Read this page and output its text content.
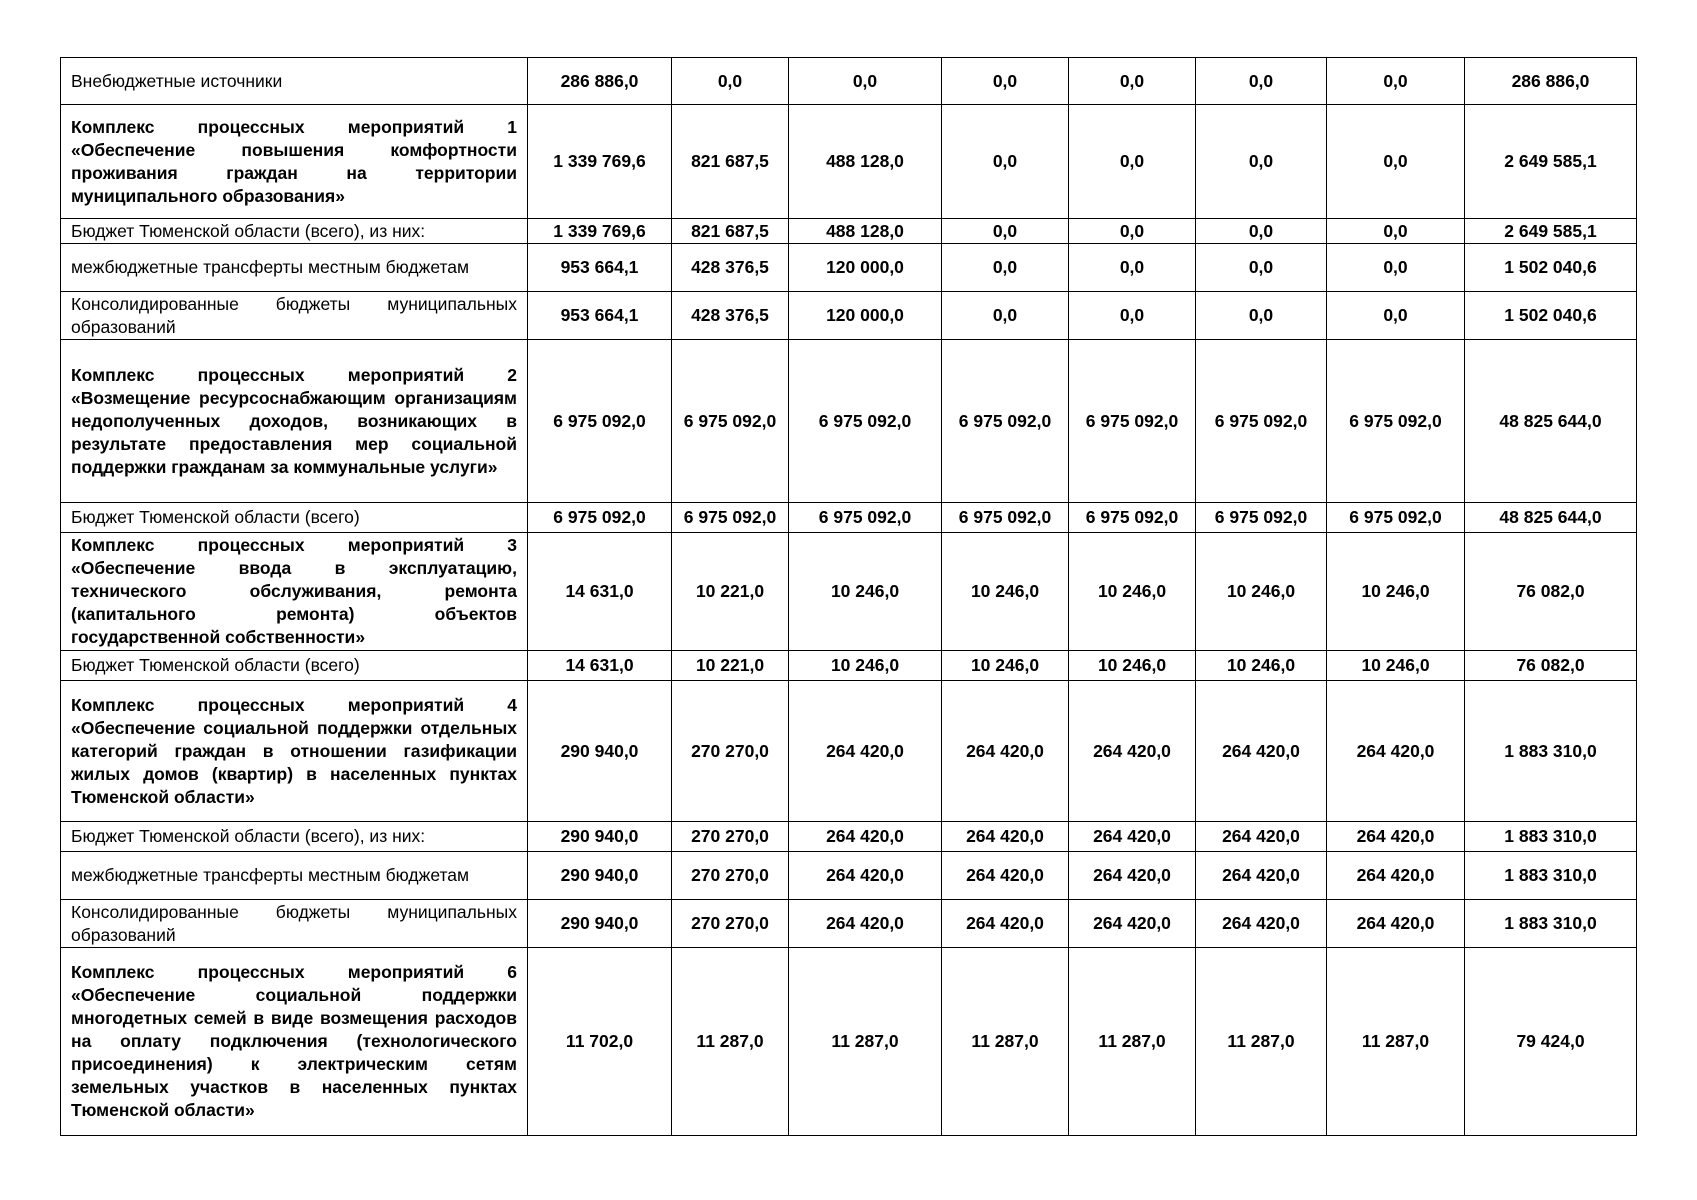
Внебюджетные источники	286 886,0	0,0	0,0	0,0	0,0	0,0	0,0	286 886,0
Комплекс процессных мероприятий 1 «Обеспечение повышения комфортности проживания граждан на территории муниципального образования»	1 339 769,6	821 687,5	488 128,0	0,0	0,0	0,0	0,0	2 649 585,1
Бюджет Тюменской области (всего), из них:	1 339 769,6	821 687,5	488 128,0	0,0	0,0	0,0	0,0	2 649 585,1
межбюджетные трансферты местным бюджетам	953 664,1	428 376,5	120 000,0	0,0	0,0	0,0	0,0	1 502 040,6
Консолидированные бюджеты муниципальных образований	953 664,1	428 376,5	120 000,0	0,0	0,0	0,0	0,0	1 502 040,6
Комплекс процессных мероприятий 2 «Возмещение ресурсоснабжающим организациям недополученных доходов, возникающих в результате предоставления мер социальной поддержки гражданам за коммунальные услуги»	6 975 092,0	6 975 092,0	6 975 092,0	6 975 092,0	6 975 092,0	6 975 092,0	6 975 092,0	48 825 644,0
Бюджет Тюменской области (всего)	6 975 092,0	6 975 092,0	6 975 092,0	6 975 092,0	6 975 092,0	6 975 092,0	6 975 092,0	48 825 644,0
Комплекс процессных мероприятий 3 «Обеспечение ввода в эксплуатацию, технического обслуживания, ремонта (капитального ремонта) объектов государственной собственности»	14 631,0	10 221,0	10 246,0	10 246,0	10 246,0	10 246,0	10 246,0	76 082,0
Бюджет Тюменской области (всего)	14 631,0	10 221,0	10 246,0	10 246,0	10 246,0	10 246,0	10 246,0	76 082,0
Комплекс процессных мероприятий 4 «Обеспечение социальной поддержки отдельных категорий граждан в отношении газификации жилых домов (квартир) в населенных пунктах Тюменской области»	290 940,0	270 270,0	264 420,0	264 420,0	264 420,0	264 420,0	264 420,0	1 883 310,0
Бюджет Тюменской области (всего), из них:	290 940,0	270 270,0	264 420,0	264 420,0	264 420,0	264 420,0	264 420,0	1 883 310,0
межбюджетные трансферты местным бюджетам	290 940,0	270 270,0	264 420,0	264 420,0	264 420,0	264 420,0	264 420,0	1 883 310,0
Консолидированные бюджеты муниципальных образований	290 940,0	270 270,0	264 420,0	264 420,0	264 420,0	264 420,0	264 420,0	1 883 310,0
Комплекс процессных мероприятий 6 «Обеспечение социальной поддержки многодетных семей в виде возмещения расходов на оплату подключения (технологического присоединения) к электрическим сетям земельных участков в населенных пунктах Тюменской области»	11 702,0	11 287,0	11 287,0	11 287,0	11 287,0	11 287,0	11 287,0	79 424,0
